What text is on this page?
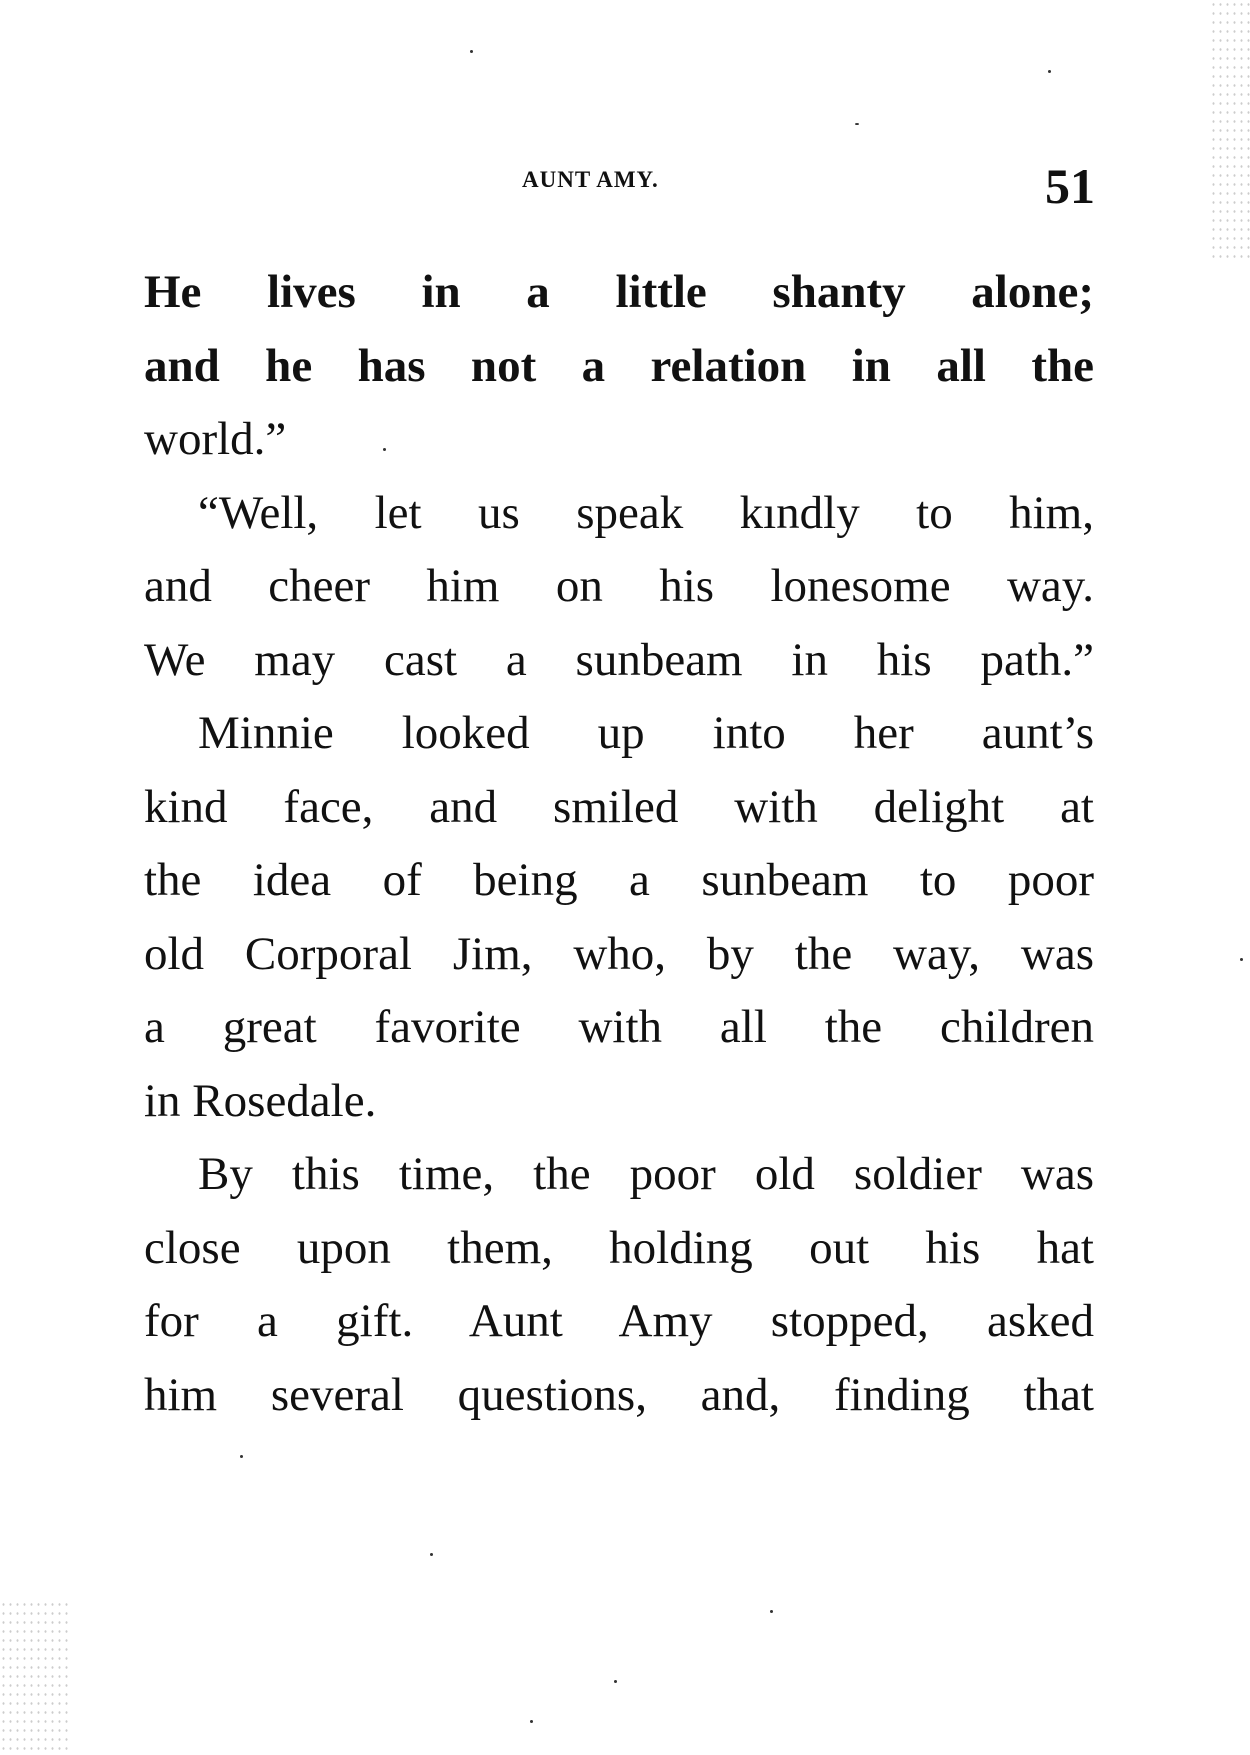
AUNT AMY.	51
He lives in a little shanty alone;
and he has not a relation in all the
world.”
“Well, let us speak kındly to him,
and cheer him on his lonesome way.
We may cast a sunbeam in his path.”
Minnie looked up into her aunt’s
kind face, and smiled with delight at
the idea of being a sunbeam to poor
old Corporal Jim, who, by the way, was
a great favorite with all the children
in Rosedale.
By this time, the poor old soldier was
close upon them, holding out his hat
for a gift. Aunt Amy stopped, asked
him several questions, and, finding that
